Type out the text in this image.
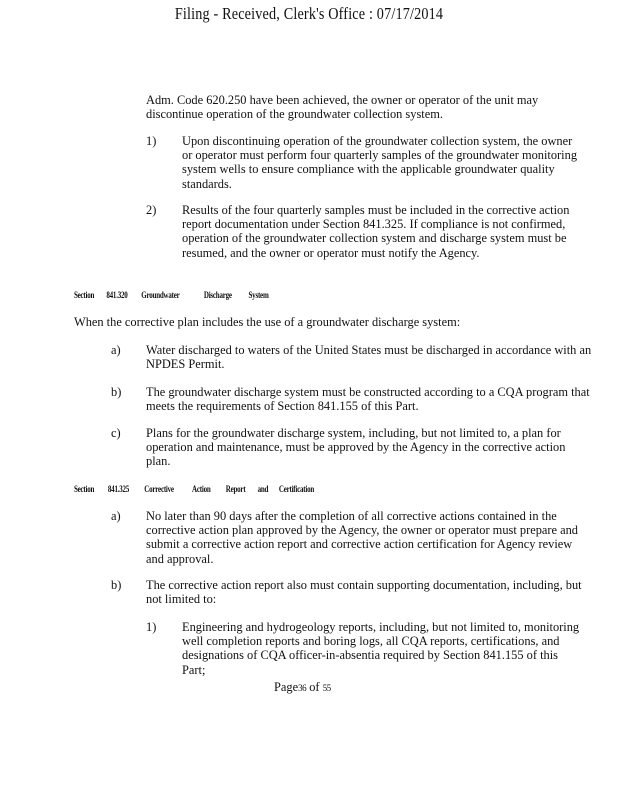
Filing - Received, Clerk's Office : 07/17/2014

Adm. Code 620.250 have been achieved, the owner or operator of the unit may discontinue operation of the groundwater collection system.

1) Upon discontinuing operation of the groundwater collection system, the owner or operator must perform four quarterly samples of the groundwater monitoring system wells to ensure compliance with the applicable groundwater quality standards.

2) Results of the four quarterly samples must be included in the corrective action report documentation under Section 841.325. If compliance is not confirmed, operation of the groundwater collection system and discharge system must be resumed, and the owner or operator must notify the Agency.

Section 841.320 Groundwater	Discharge System

When the corrective plan includes the use of a groundwater discharge system:

a) Water discharged to waters of the United States must be discharged in accordance with an NPDES Permit.

b) The groundwater discharge system must be constructed according to a CQA program that meets the requirements of Section 841.155 of this Part.

c) Plans for the groundwater discharge system, including, but not limited to, a plan for operation and maintenance, must be approved by the Agency in the corrective action plan.

Section 841.325 Corrective Action Report and Certification
a) No later than 90 days after the completion of all corrective actions contained in the corrective action plan approved by the Agency, the owner or operator must prepare and submit a corrective action report and corrective action certification for Agency review and approval.

b) The corrective action report also must contain supporting documentation, including, but not limited to:

1) Engineering and hydrogeology reports, including, but not limited to, monitoring well completion reports and boring logs, all CQA reports, certifications, and designations of CQA officer-in-absentia required by Section 841.155 of this Part;

Page36 of 55
